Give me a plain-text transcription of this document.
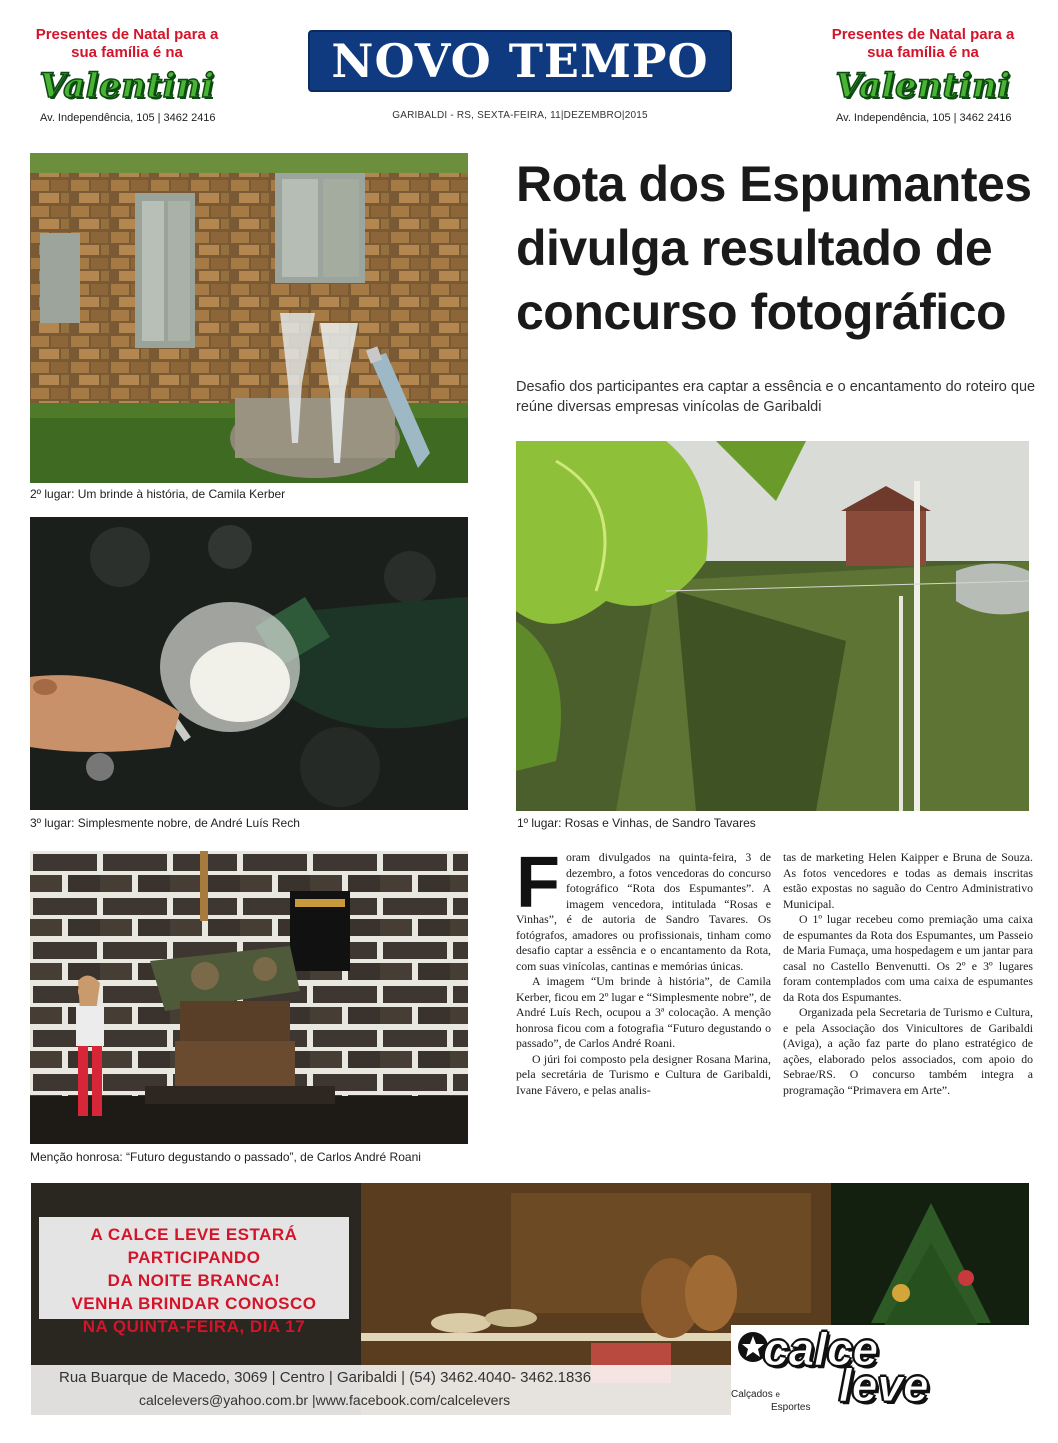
Presentes de Natal para a
sua família é na
Valentini
Av. Independência, 105 | 3462 2416
NOVO TEMPO
GARIBALDI - RS, SEXTA-FEIRA, 11|DEZEMBRO|2015
Presentes de Natal para a
sua família é na
Valentini
Av. Independência, 105 | 3462 2416
2º lugar: Um brinde à história, de Camila Kerber
3º lugar: Simplesmente nobre, de André Luís Rech	1º lugar: Rosas e Vinhas, de Sandro Tavares
Menção honrosa: “Futuro degustando o passado”, de Carlos André Roani
Rota dos Espumantes divulga resultado de concurso fotográfico
Desafio dos participantes era captar a essência e o encantamento do roteiro que reúne diversas empresas vinícolas de Garibaldi

Foram divulgados na quinta-feira, 3 de dezembro, a fotos vencedoras do concurso fotográfico “Rota dos Espumantes”. A imagem vencedora, intitulada “Rosas e Vinhas”, é de autoria de Sandro Tavares. Os fotógrafos, amadores ou profissionais, tinham como desafio captar a essência e o encantamento da Rota, com suas vinícolas, cantinas e memórias únicas.

A imagem “Um brinde à história”, de Camila Kerber, ficou em 2º lugar e “Simplesmente nobre”, de André Luís Rech, ocupou a 3ª colocação. A menção honrosa ficou com a fotografia “Futuro degustando o passado”, de Carlos André Roani.

O júri foi composto pela designer Rosana Marina, pela secretária de Turismo e Cultura de Garibaldi, Ivane Fávero, e pelas analis-

tas de marketing Helen Kaipper e Bruna de Souza. As fotos vencedores e todas as demais inscritas estão expostas no saguão do Centro Administrativo Municipal.

O 1º lugar recebeu como premiação uma caixa de espumantes da Rota dos Espumantes, um Passeio de Maria Fumaça, uma hospedagem e um jantar para casal no Castello Benvenutti. Os 2º e 3º lugares foram contemplados com uma caixa de espumantes da Rota dos Espumantes.

Organizada pela Secretaria de Turismo e Cultura, e pela Associação dos Vinicultores de Garibaldi (Aviga), a ação faz parte do plano estratégico de ações, elaborado pelos associados, com apoio do Sebrae/RS. O concurso também integra a programação “Primavera em Arte”.

A CALCE LEVE ESTARÁ PARTICIPANDO
DA NOITE BRANCA!
VENHA BRINDAR CONOSCO
NA QUINTA-FEIRA, DIA 17
Rua Buarque de Macedo, 3069 | Centro | Garibaldi | (54) 3462.4040- 3462.1836
calcelevers@yahoo.com.br |www.facebook.com/calcelevers
calce
leve
Calçados e
Esportes
